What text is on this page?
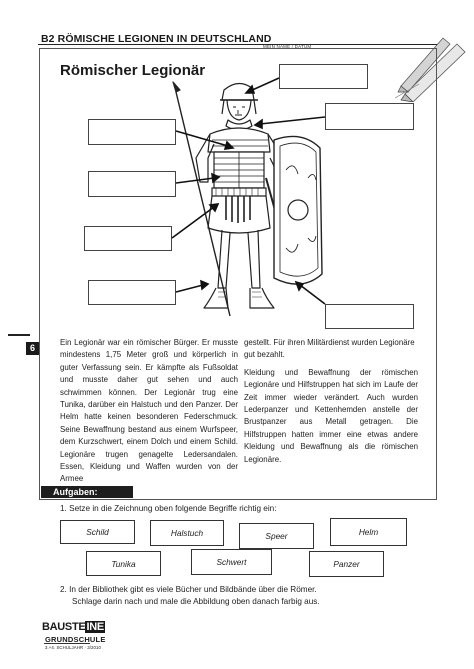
B2 RÖMISCHE LEGIONEN IN DEUTSCHLAND
MEIN NAME / DATUM
Römischer Legionär
6
Ein Legionär war ein römischer Bürger. Er musste mindestens 1,75 Meter groß und körperlich in guter Verfassung sein. Er kämpfte als Fußsoldat und musste daher gut sehen und auch schwimmen können. Der Legionär trug eine Tunika, darüber ein Halstuch und den Panzer. Der Helm hatte keinen besonderen Federschmuck. Seine Bewaffnung bestand aus einem Wurfspeer, dem Kurzschwert, einem Dolch und einem Schild. Legionäre trugen genagelte Ledersandalen. Essen, Kleidung und Waffen wurden von der Armee
gestellt. Für ihren Militärdienst wurden Legionäre gut bezahlt.
Kleidung und Bewaffnung der römischen Legionäre und Hilfstruppen hat sich im Laufe der Zeit immer wieder verändert. Auch wurden Lederpanzer und Kettenhemden anstelle der Brustpanzer aus Metall getragen. Die Hilfstruppen hatten immer eine etwas andere Kleidung und Bewaffnung als die römischen Legionäre.
Aufgaben:
1. Setze in die Zeichnung oben folgende Begriffe richtig ein:
Schild	Halstuch	Speer	Helm
Tunika	Schwert	Panzer
2. In der Bibliothek gibt es viele Bücher und Bildbände über die Römer.
Schlage darin nach und male die Abbildung oben danach farbig aus.
BAUSTEINE
GRUNDSCHULE
3.+4. SCHULJAHR · 3/2010
